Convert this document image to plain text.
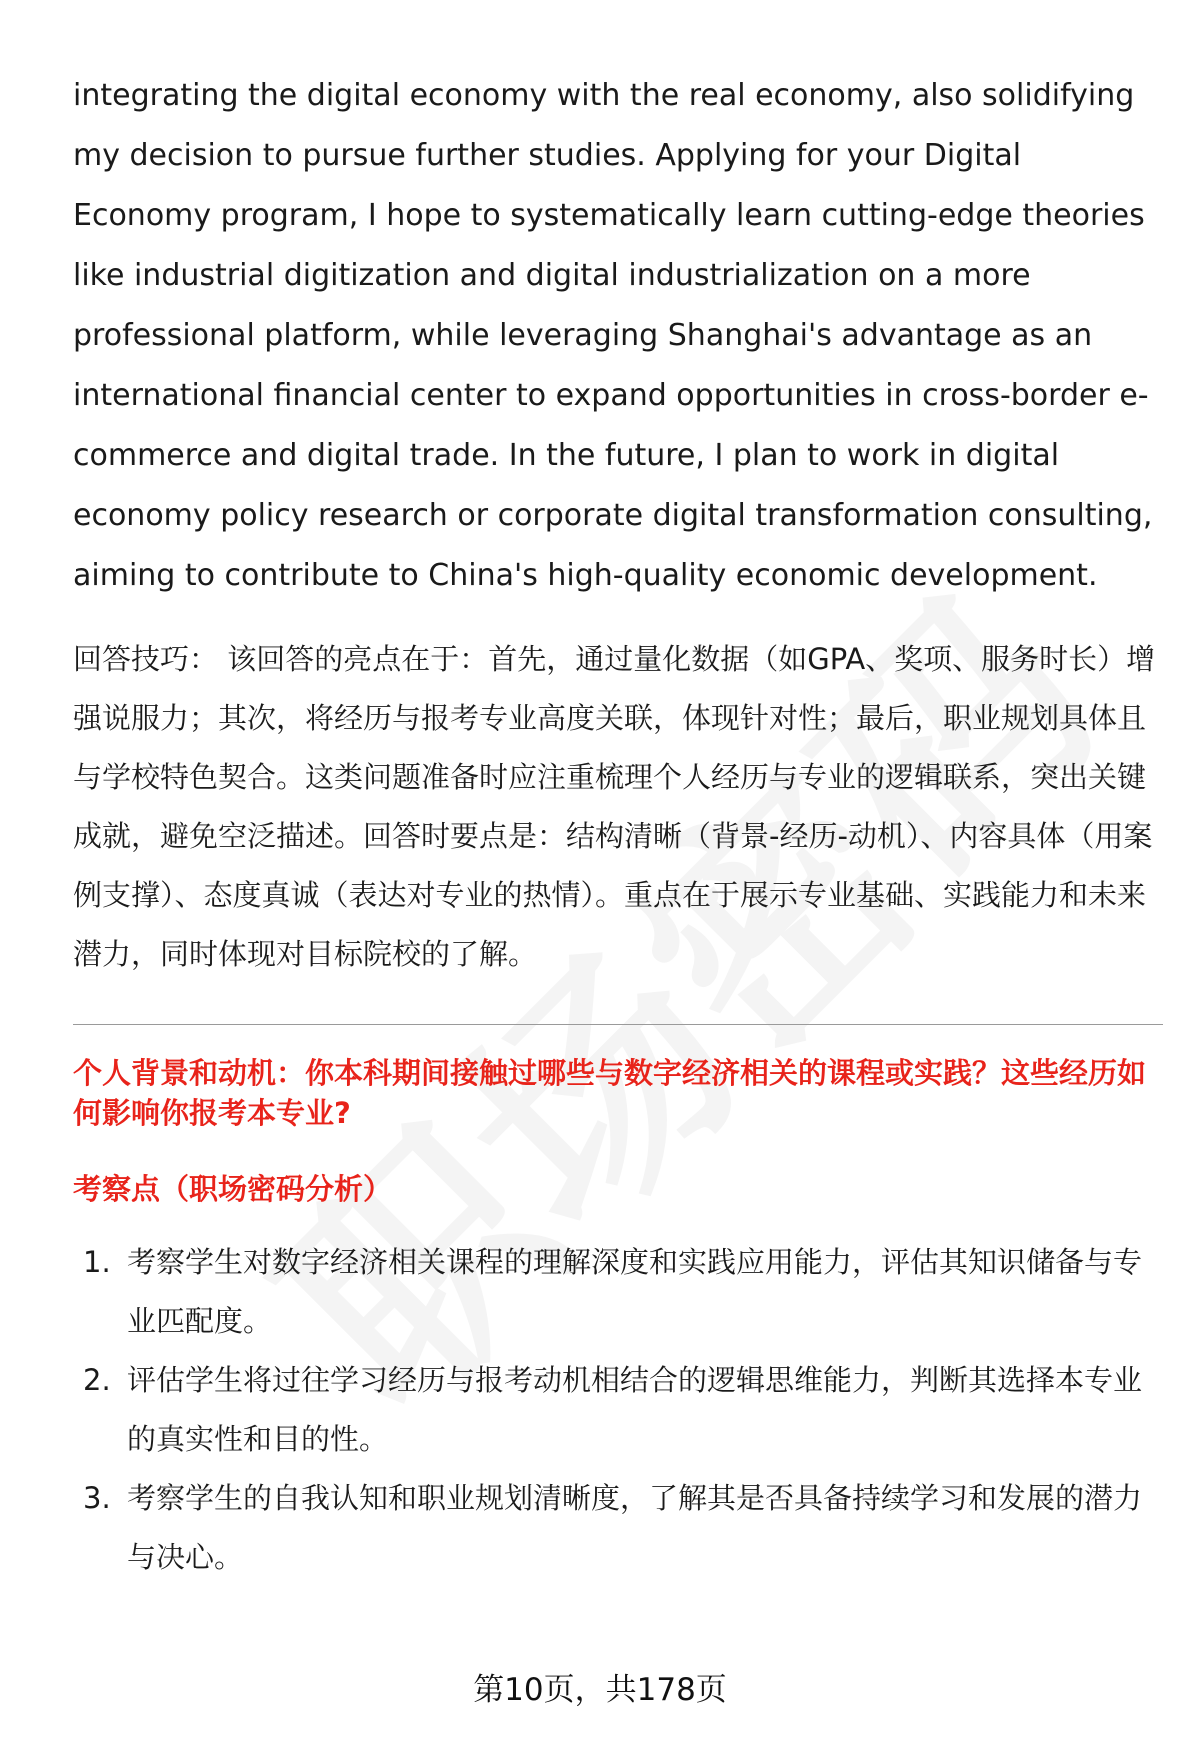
integrating the digital economy with the real economy, also solidifying my decision to pursue further studies. Applying for your Digital Economy program, I hope to systematically learn cutting-edge theories like industrial digitization and digital industrialization on a more professional platform, while leveraging Shanghai's advantage as an international financial center to expand opportunities in cross-border e-commerce and digital trade. In the future, I plan to work in digital economy policy research or corporate digital transformation consulting, aiming to contribute to China's high-quality economic development.

回答技巧： 该回答的亮点在于：首先，通过量化数据（如GPA、奖项、服务时长）增强说服力；其次，将经历与报考专业高度关联，体现针对性；最后，职业规划具体且与学校特色契合。这类问题准备时应注重梳理个人经历与专业的逻辑联系，突出关键成就，避免空泛描述。回答时要点是：结构清晰（背景-经历-动机）、内容具体（用案例支撑）、态度真诚（表达对专业的热情）。重点在于展示专业基础、实践能力和未来潜力，同时体现对目标院校的了解。

个人背景和动机：你本科期间接触过哪些与数字经济相关的课程或实践？这些经历如何影响你报考本专业?
考察点（职场密码分析）
1. 考察学生对数字经济相关课程的理解深度和实践应用能力，评估其知识储备与专业匹配度。
2. 评估学生将过往学习经历与报考动机相结合的逻辑思维能力，判断其选择本专业的真实性和目的性。
3. 考察学生的自我认知和职业规划清晰度，了解其是否具备持续学习和发展的潜力与决心。
第10页，共178页
